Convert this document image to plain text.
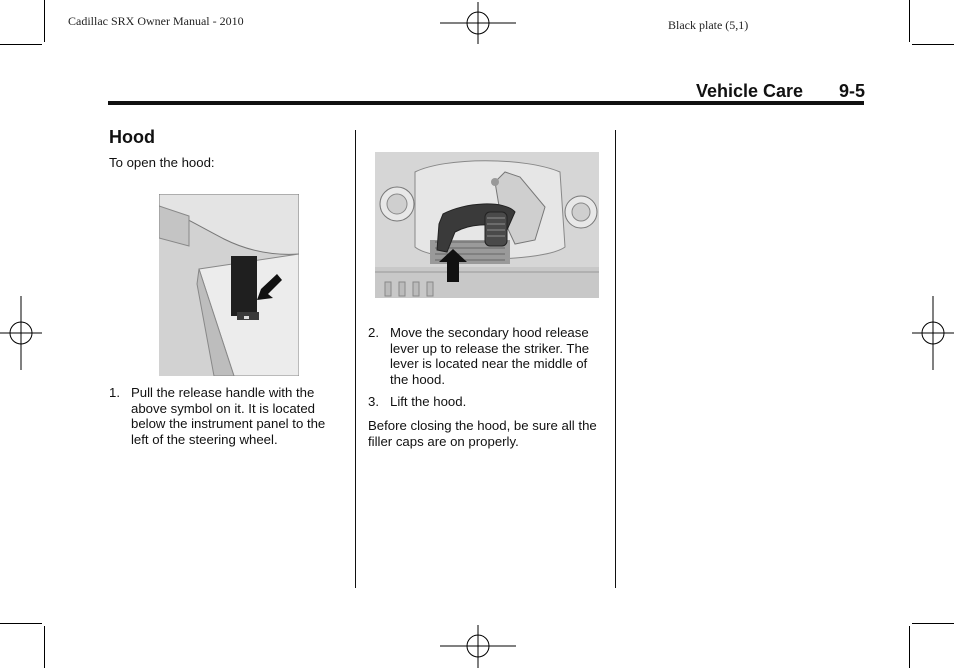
Cadillac SRX Owner Manual - 2010	Black plate (5,1)
Vehicle Care 9-5
Hood
To open the hood:
1. Pull the release handle with the above symbol on it. It is located below the instrument panel to the left of the steering wheel.
2. Move the secondary hood release lever up to release the striker. The lever is located near the middle of the hood.
3. Lift the hood.
Before closing the hood, be sure all the filler caps are on properly.
